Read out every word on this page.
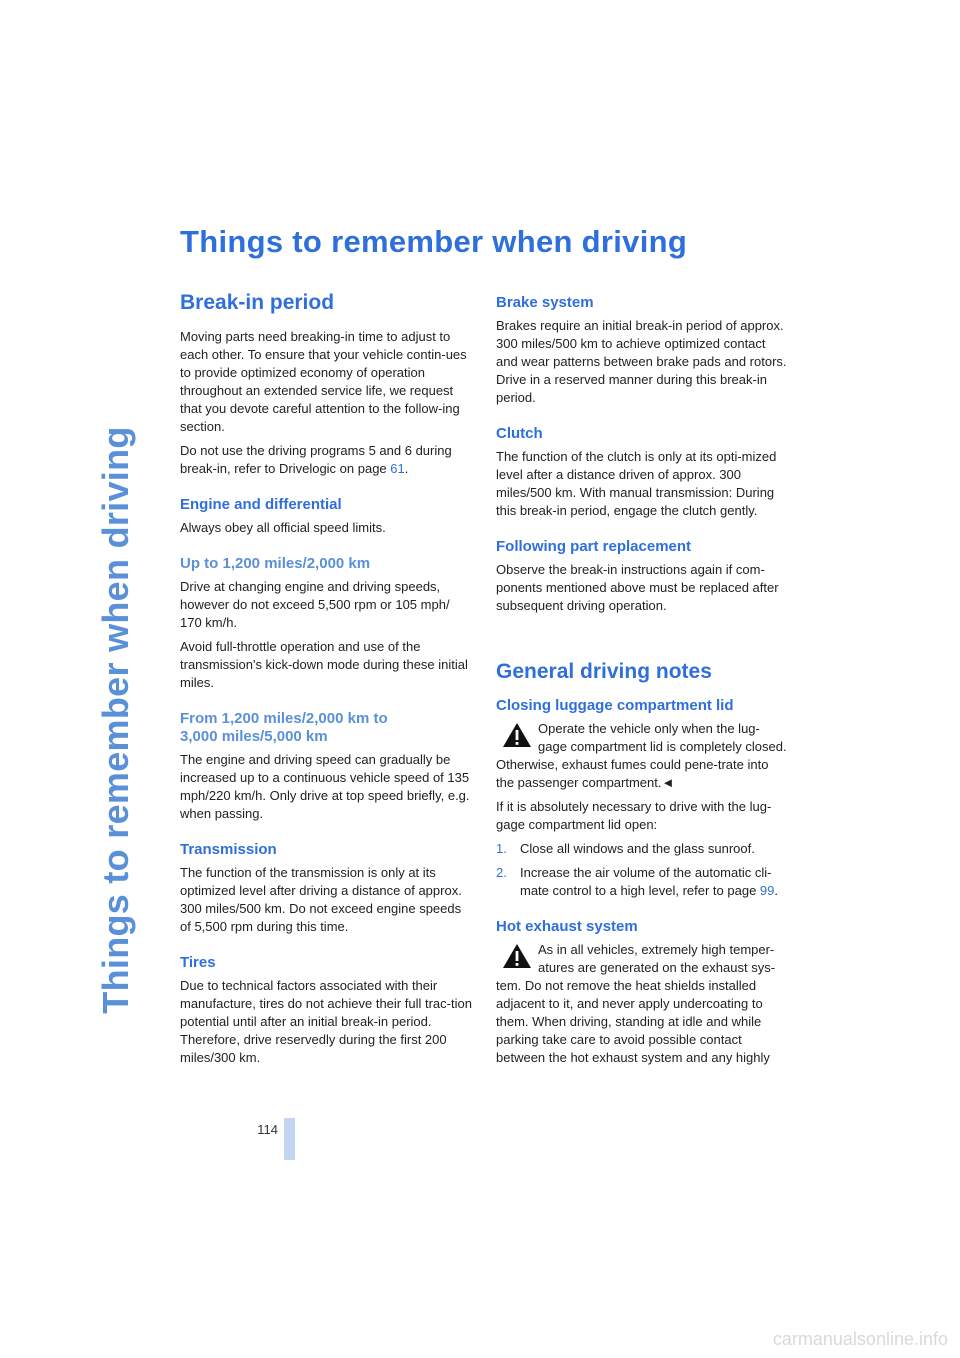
Things to remember when driving
Things to remember when driving
Break-in period

Moving parts need breaking-in time to adjust to each other. To ensure that your vehicle contin-ues to provide optimized economy of operation throughout an extended service life, we request that you devote careful attention to the follow-ing section.

Do not use the driving programs 5 and 6 during break-in, refer to Drivelogic on page 61.

Engine and differential

Always obey all official speed limits.

Up to 1,200 miles/2,000 km

Drive at changing engine and driving speeds, however do not exceed 5,500 rpm or 105 mph/ 170 km/h.

Avoid full-throttle operation and use of the transmission's kick-down mode during these initial miles.

From 1,200 miles/2,000 km to
3,000 miles/5,000 km

The engine and driving speed can gradually be increased up to a continuous vehicle speed of 135 mph/220 km/h. Only drive at top speed briefly, e.g. when passing.

Transmission

The function of the transmission is only at its optimized level after driving a distance of approx. 300 miles/500 km. Do not exceed engine speeds of 5,500 rpm during this time.

Tires

Due to technical factors associated with their manufacture, tires do not achieve their full trac-tion potential until after an initial break-in period. Therefore, drive reservedly during the first 200 miles/300 km.

Brake system

Brakes require an initial break-in period of approx. 300 miles/500 km to achieve optimized contact and wear patterns between brake pads and rotors. Drive in a reserved manner during this break-in period.

Clutch

The function of the clutch is only at its opti-mized level after a distance driven of approx. 300 miles/500 km. With manual transmission: During this break-in period, engage the clutch gently.

Following part replacement

Observe the break-in instructions again if com-ponents mentioned above must be replaced after subsequent driving operation.

General driving notes
Closing luggage compartment lid

Operate the vehicle only when the lug-gage compartment lid is completely closed. Otherwise, exhaust fumes could pene-trate into the passenger compartment.◄

If it is absolutely necessary to drive with the lug-gage compartment lid open:

1. Close all windows and the glass sunroof.
2. Increase the air volume of the automatic cli-mate control to a high level, refer to page 99.
Hot exhaust system

As in all vehicles, extremely high temper-atures are generated on the exhaust sys-tem. Do not remove the heat shields installed adjacent to it, and never apply undercoating to them. When driving, standing at idle and while parking take care to avoid possible contact between the hot exhaust system and any highly

114
carmanualsonline.info
